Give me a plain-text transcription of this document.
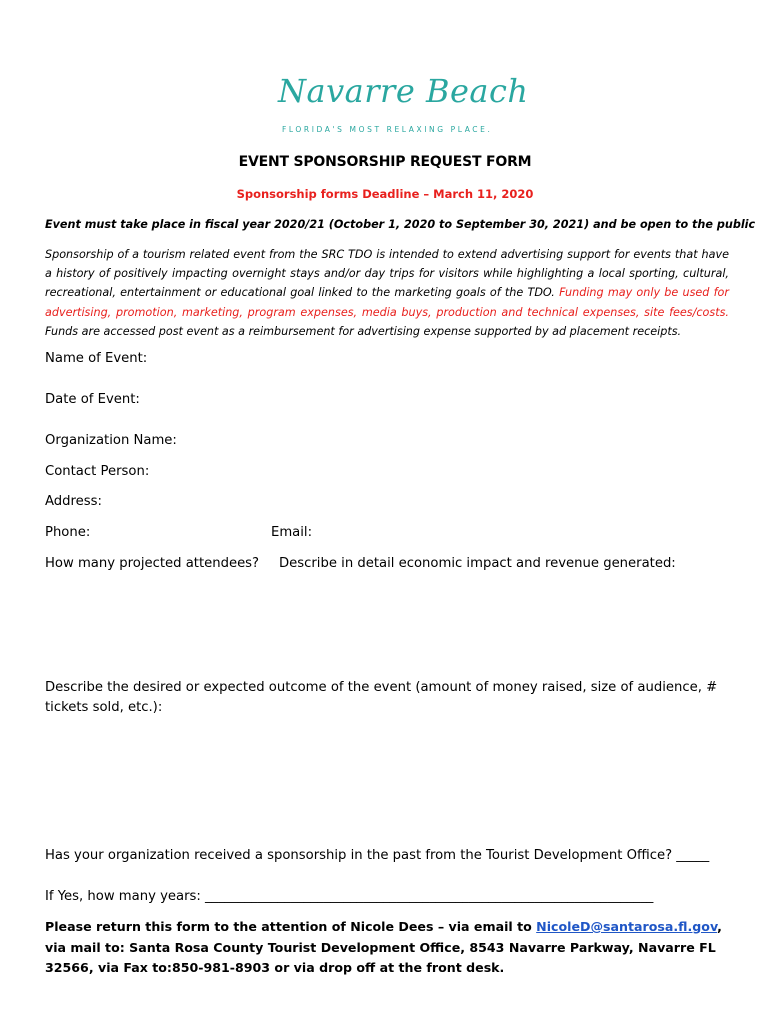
Navarre Beach
FLORIDA'S MOST RELAXING PLACE.
EVENT SPONSORSHIP REQUEST FORM
Sponsorship forms Deadline – March 11, 2020
Event must take place in fiscal year 2020/21 (October 1, 2020 to September 30, 2021) and be open to the public
Sponsorship of a tourism related event from the SRC TDO is intended to extend advertising support for events that have a history of positively impacting overnight stays and/or day trips for visitors while highlighting a local sporting, cultural, recreational, entertainment or educational goal linked to the marketing goals of the TDO. Funding may only be used for advertising, promotion, marketing, program expenses, media buys, production and technical expenses, site fees/costs. Funds are accessed post event as a reimbursement for advertising expense supported by ad placement receipts.
Name of Event:
Date of Event:
Organization Name:
Contact Person:
Address:
Phone:	Email:
How many projected attendees? Describe in detail economic impact and revenue generated:
Describe the desired or expected outcome of the event (amount of money raised, size of audience, # tickets sold, etc.):
Has your organization received a sponsorship in the past from the Tourist Development Office? _____
If Yes, how many years: ____________________________________________________________________
Please return this form to the attention of Nicole Dees – via email to NicoleD@santarosa.fl.gov, via mail to: Santa Rosa County Tourist Development Office, 8543 Navarre Parkway, Navarre FL 32566, via Fax to:850-981-8903 or via drop off at the front desk.
